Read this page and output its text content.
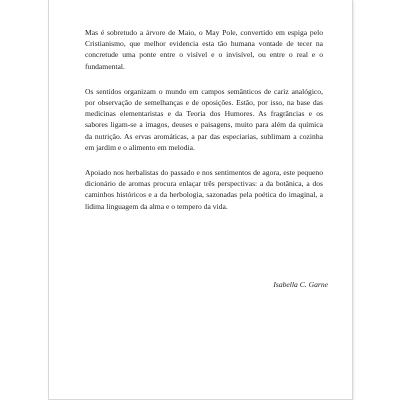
Mas é sobretudo a árvore de Maio, o May Pole, convertido em espiga pelo Cristianismo, que melhor evidencia esta tão humana vontade de tecer na concretude uma ponte entre o visível e o invisível, ou entre o real e o fundamental.

Os sentidos organizam o mundo em campos semânticos de cariz analógico, por observação de semelhanças e de oposições. Estão, por isso, na base das medicinas elementaristas e da Teoria dos Humores. As fragrâncias e os sabores ligam-se a imagos, deuses e paisagens, muito para além da química da nutrição. As ervas aromáticas, a par das especiarias, sublimam a cozinha em jardim e o alimento em melodia.

Apoiado nos herbalistas do passado e nos sentimentos de agora, este pequeno dicionário de aromas procura enlaçar três perspectivas: a da botânica, a dos caminhos históricos e a da herbologia, sazonadas pela poética do imaginal, a lídima linguagem da alma e o tempero da vida.

Isabella C. Garne
